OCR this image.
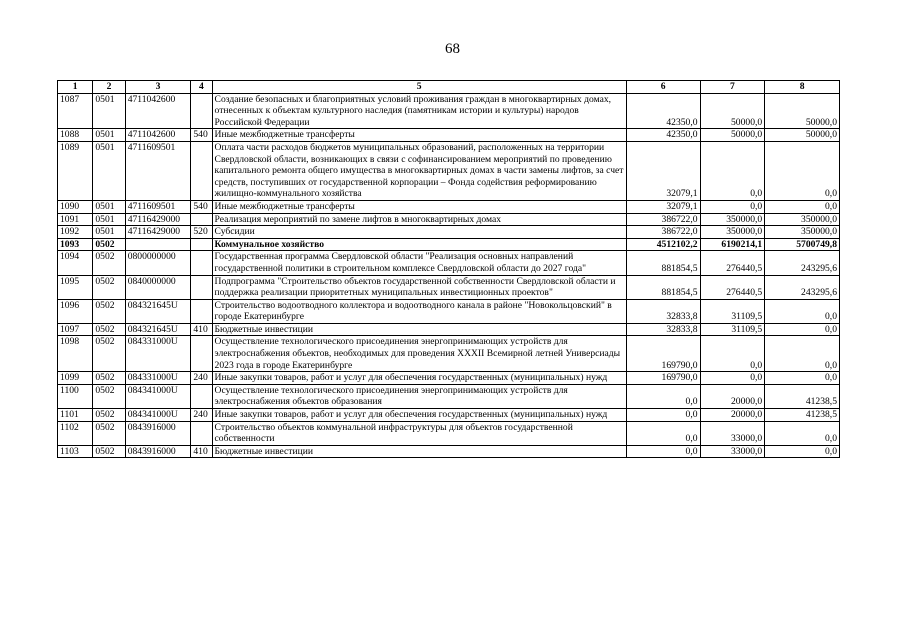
68
1	2	3	4	5	6	7	8
1087	0501	4711042600		Создание безопасных и благоприятных условий проживания граждан в многоквартирных домах, отнесенных к объектам культурного наследия (памятникам истории и культуры) народов Российской Федерации	42350,0	50000,0	50000,0
1088	0501	4711042600	540	Иные межбюджетные трансферты	42350,0	50000,0	50000,0
1089	0501	4711609501		Оплата части расходов бюджетов муниципальных образований, расположенных на территории Свердловской области, возникающих в связи с софинансированием мероприятий по проведению капитального ремонта общего имущества в многоквартирных домах в части замены лифтов, за счет средств, поступивших от государственной корпорации – Фонда содействия реформированию жилищно-коммунального хозяйства	32079,1	0,0	0,0
1090	0501	4711609501	540	Иные межбюджетные трансферты	32079,1	0,0	0,0
1091	0501	47116429000		Реализация мероприятий по замене лифтов в многоквартирных домах	386722,0	350000,0	350000,0
1092	0501	47116429000	520	Субсидии	386722,0	350000,0	350000,0
1093	0502			Коммунальное хозяйство	4512102,2	6190214,1	5700749,8
1094	0502	0800000000		Государственная программа Свердловской области "Реализация основных направлений государственной политики в строительном комплексе Свердловской области до 2027 года"	881854,5	276440,5	243295,6
1095	0502	0840000000		Подпрограмма "Строительство объектов государственной собственности Свердловской области и поддержка реализации приоритетных муниципальных инвестиционных проектов"	881854,5	276440,5	243295,6
1096	0502	084321645U		Строительство водоотводного коллектора и водоотводного канала в районе "Новокольцовский" в городе Екатеринбурге	32833,8	31109,5	0,0
1097	0502	084321645U	410	Бюджетные инвестиции	32833,8	31109,5	0,0
1098	0502	084331000U		Осуществление технологического присоединения энергопринимающих устройств для электроснабжения объектов, необходимых для проведения XXXII Всемирной летней Универсиады 2023 года в городе Екатеринбурге	169790,0	0,0	0,0
1099	0502	084331000U	240	Иные закупки товаров, работ и услуг для обеспечения государственных (муниципальных) нужд	169790,0	0,0	0,0
1100	0502	084341000U		Осуществление технологического присоединения энергопринимающих устройств для электроснабжения объектов образования	0,0	20000,0	41238,5
1101	0502	084341000U	240	Иные закупки товаров, работ и услуг для обеспечения государственных (муниципальных) нужд	0,0	20000,0	41238,5
1102	0502	0843916000		Строительство объектов коммунальной инфраструктуры для объектов государственной собственности	0,0	33000,0	0,0
1103	0502	0843916000	410	Бюджетные инвестиции	0,0	33000,0	0,0
